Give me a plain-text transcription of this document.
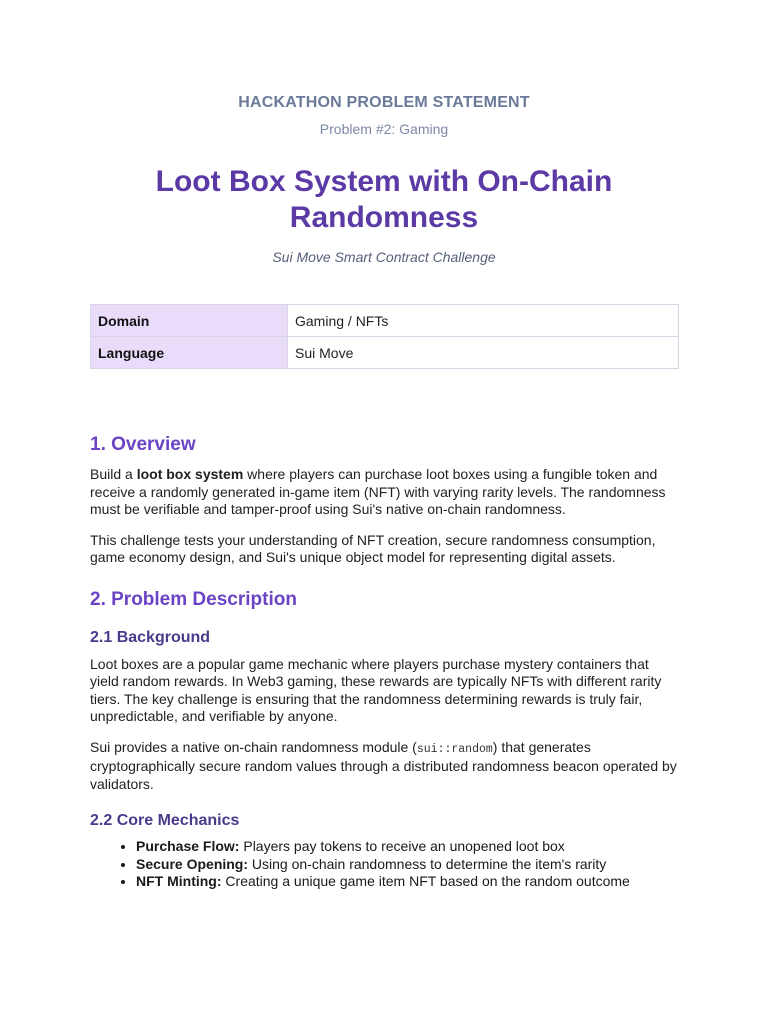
HACKATHON PROBLEM STATEMENT
Problem #2: Gaming
Loot Box System with On-Chain Randomness
Sui Move Smart Contract Challenge
Domain	Gaming / NFTs
Language	Sui Move
1. Overview

Build a loot box system where players can purchase loot boxes using a fungible token and receive a randomly generated in-game item (NFT) with varying rarity levels. The randomness must be verifiable and tamper-proof using Sui's native on-chain randomness.

This challenge tests your understanding of NFT creation, secure randomness consumption, game economy design, and Sui's unique object model for representing digital assets.

2. Problem Description
2.1 Background

Loot boxes are a popular game mechanic where players purchase mystery containers that yield random rewards. In Web3 gaming, these rewards are typically NFTs with different rarity tiers. The key challenge is ensuring that the randomness determining rewards is truly fair, unpredictable, and verifiable by anyone.

Sui provides a native on-chain randomness module (sui::random) that generates cryptographically secure random values through a distributed randomness beacon operated by validators.

2.2 Core Mechanics
• Purchase Flow: Players pay tokens to receive an unopened loot box
• Secure Opening: Using on-chain randomness to determine the item's rarity
• NFT Minting: Creating a unique game item NFT based on the random outcome
